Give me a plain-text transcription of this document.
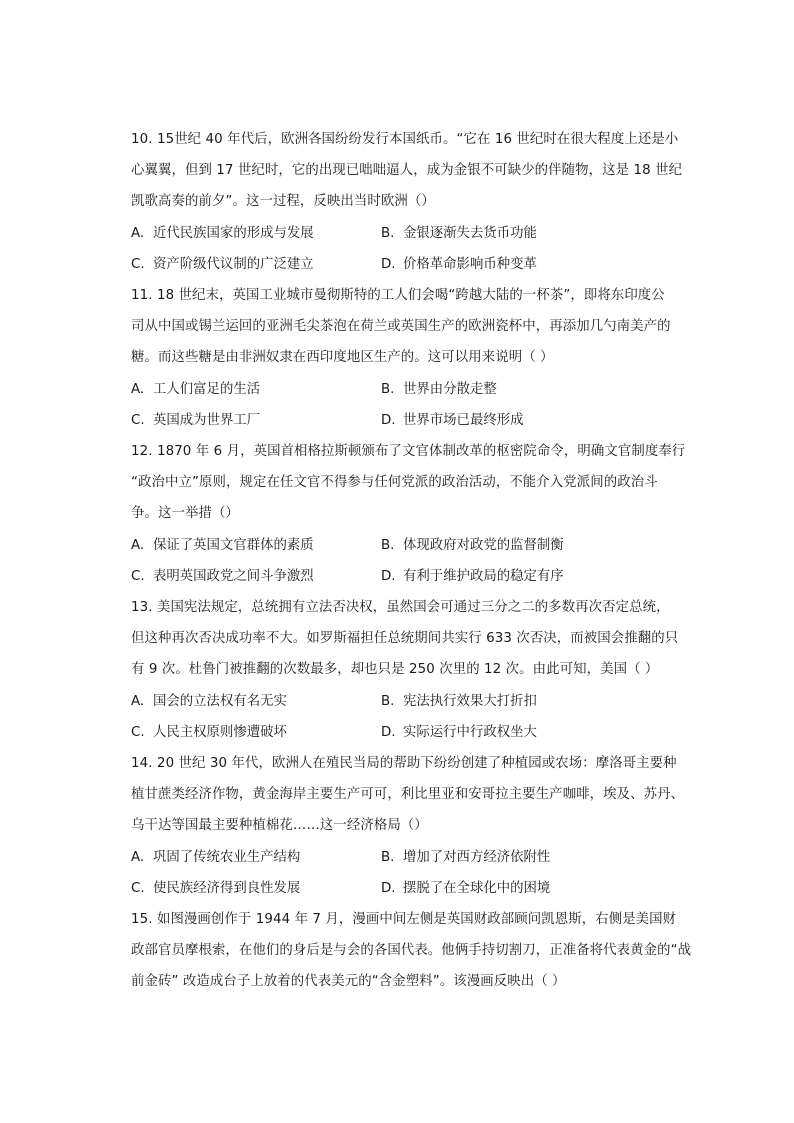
10. 15世纪 40 年代后，欧洲各国纷纷发行本国纸币。“它在 16 世纪时在很大程度上还是小
心翼翼，但到 17 世纪时，它的出现已咄咄逼人，成为金银不可缺少的伴随物，这是 18 世纪
凯歌高奏的前夕”。这一过程，反映出当时欧洲（）
A. 近代民族国家的形成与发展	B. 金银逐渐失去货币功能
C. 资产阶级代议制的广泛建立	D. 价格革命影响币种变革
11. 18 世纪末，英国工业城市曼彻斯特的工人们会喝“跨越大陆的一杯茶”，即将东印度公
司从中国或锡兰运回的亚洲毛尖茶泡在荷兰或英国生产的欧洲瓷杯中，再添加几勺南美产的
糖。而这些糖是由非洲奴隶在西印度地区生产的。这可以用来说明（ ）
A. 工人们富足的生活	B. 世界由分散走整
C. 英国成为世界工厂	D. 世界市场已最终形成
12. 1870 年 6 月，英国首相格拉斯顿颁布了文官体制改革的枢密院命令，明确文官制度奉行
“政治中立”原则，规定在任文官不得参与任何党派的政治活动，不能介入党派间的政治斗
争。这一举措（）
A. 保证了英国文官群体的素质	B. 体现政府对政党的监督制衡
C. 表明英国政党之间斗争激烈	D. 有利于维护政局的稳定有序
13. 美国宪法规定，总统拥有立法否决权，虽然国会可通过三分之二的多数再次否定总统，
但这种再次否决成功率不大。如罗斯福担任总统期间共实行 633 次否决，而被国会推翻的只
有 9 次。杜鲁门被推翻的次数最多，却也只是 250 次里的 12 次。由此可知，美国（ ）
A. 国会的立法权有名无实	B. 宪法执行效果大打折扣
C. 人民主权原则惨遭破坏	D. 实际运行中行政权坐大
14. 20 世纪 30 年代，欧洲人在殖民当局的帮助下纷纷创建了种植园或农场：摩洛哥主要种
植甘蔗类经济作物，黄金海岸主要生产可可，利比里亚和安哥拉主要生产咖啡，埃及、苏丹、
乌干达等国最主要种植棉花……这一经济格局（）
A. 巩固了传统农业生产结构	B. 增加了对西方经济依附性
C. 使民族经济得到良性发展	D. 摆脱了在全球化中的困境
15. 如图漫画创作于 1944 年 7 月，漫画中间左侧是英国财政部顾问凯恩斯，右侧是美国财
政部官员摩根索，在他们的身后是与会的各国代表。他俩手持切割刀，正准备将代表黄金的“战
前金砖” 改造成台子上放着的代表美元的“含金塑料”。该漫画反映出（ ）
